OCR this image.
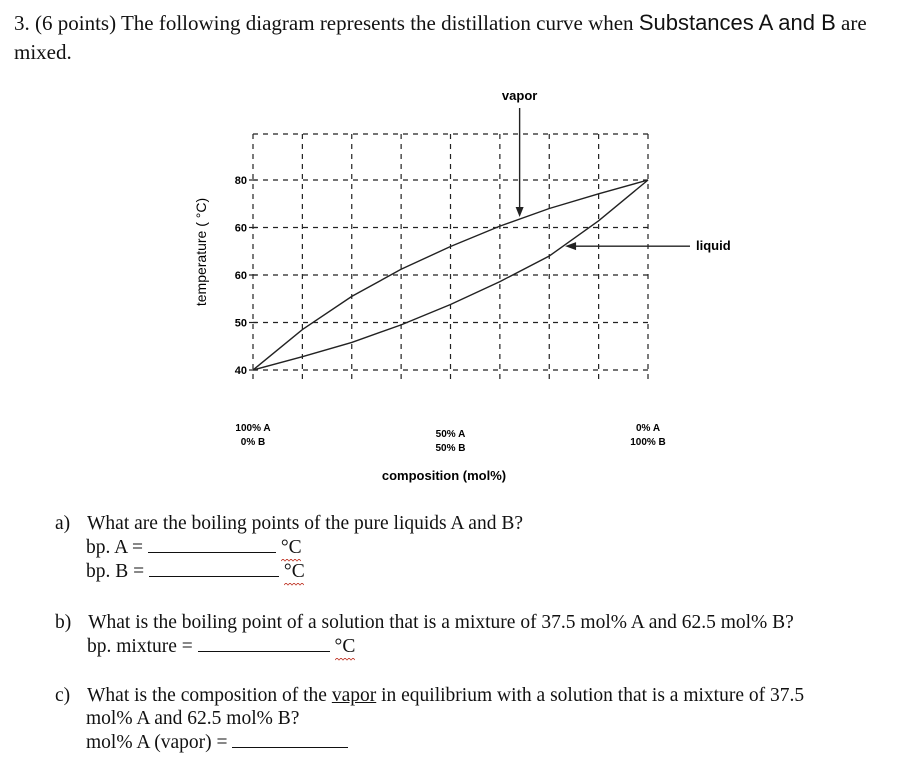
3. (6 points) The following diagram represents the distillation curve when Substances A and B are mixed.
40
50
60
60
80
vapor
liquid
100% A
0% B
50% A
50% B
0% A
100% B
temperature ( °C)
composition (mol%)
a) What are the boiling points of the pure liquids A and B?
bp. A =	°C
bp. B =	°C
b) What is the boiling point of a solution that is a mixture of 37.5 mol% A and 62.5 mol% B?
bp. mixture =	°C
c) What is the composition of the vapor in equilibrium with a solution that is a mixture of 37.5
mol% A and 62.5 mol% B?
mol% A (vapor) =
